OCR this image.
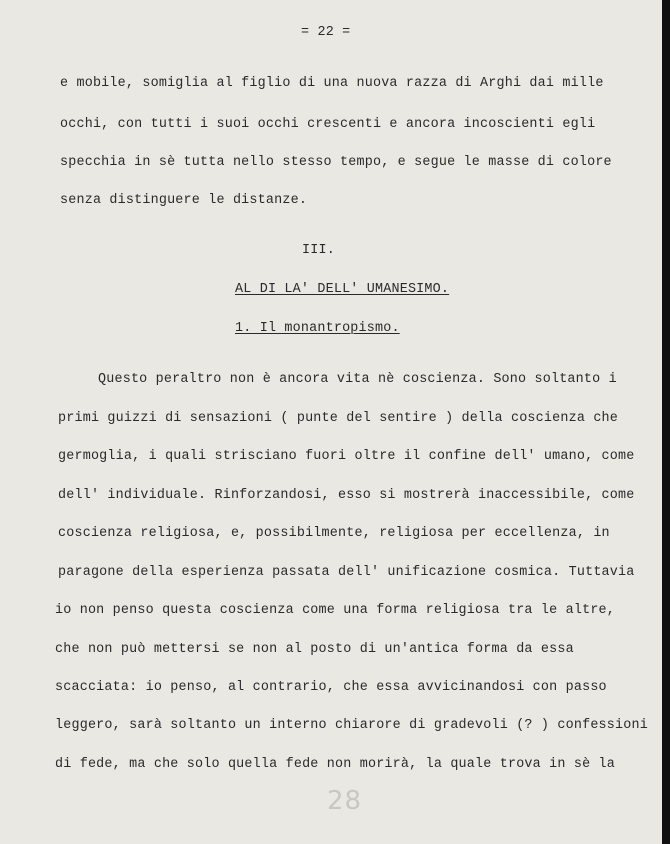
= 22 =
e mobile, somiglia al figlio di una nuova razza di Arghi dai mille
occhi, con tutti i suoi occhi crescenti e ancora incoscienti egli
specchia in sè tutta nello stesso tempo, e segue le masse di colore
senza distinguere le distanze.
III.
AL DI LA' DELL' UMANESIMO.
1. Il monantropismo.
Questo peraltro non è ancora vita nè coscienza. Sono soltanto i
primi guizzi di sensazioni ( punte del sentire ) della coscienza che
germoglia, i quali strisciano fuori oltre il confine dell' umano, come
dell' individuale. Rinforzandosi, esso si mostrerà inaccessibile, come
coscienza religiosa, e, possibilmente, religiosa per eccellenza, in
paragone della esperienza passata dell' unificazione cosmica. Tuttavia
io non penso questa coscienza come una forma religiosa tra le altre,
che non può mettersi se non al posto di un'antica forma da essa
scacciata: io penso, al contrario, che essa avvicinandosi con passo
leggero, sarà soltanto un interno chiarore di gradevoli (? ) confessioni
di fede, ma che solo quella fede non morirà, la quale trova in sè la
28
